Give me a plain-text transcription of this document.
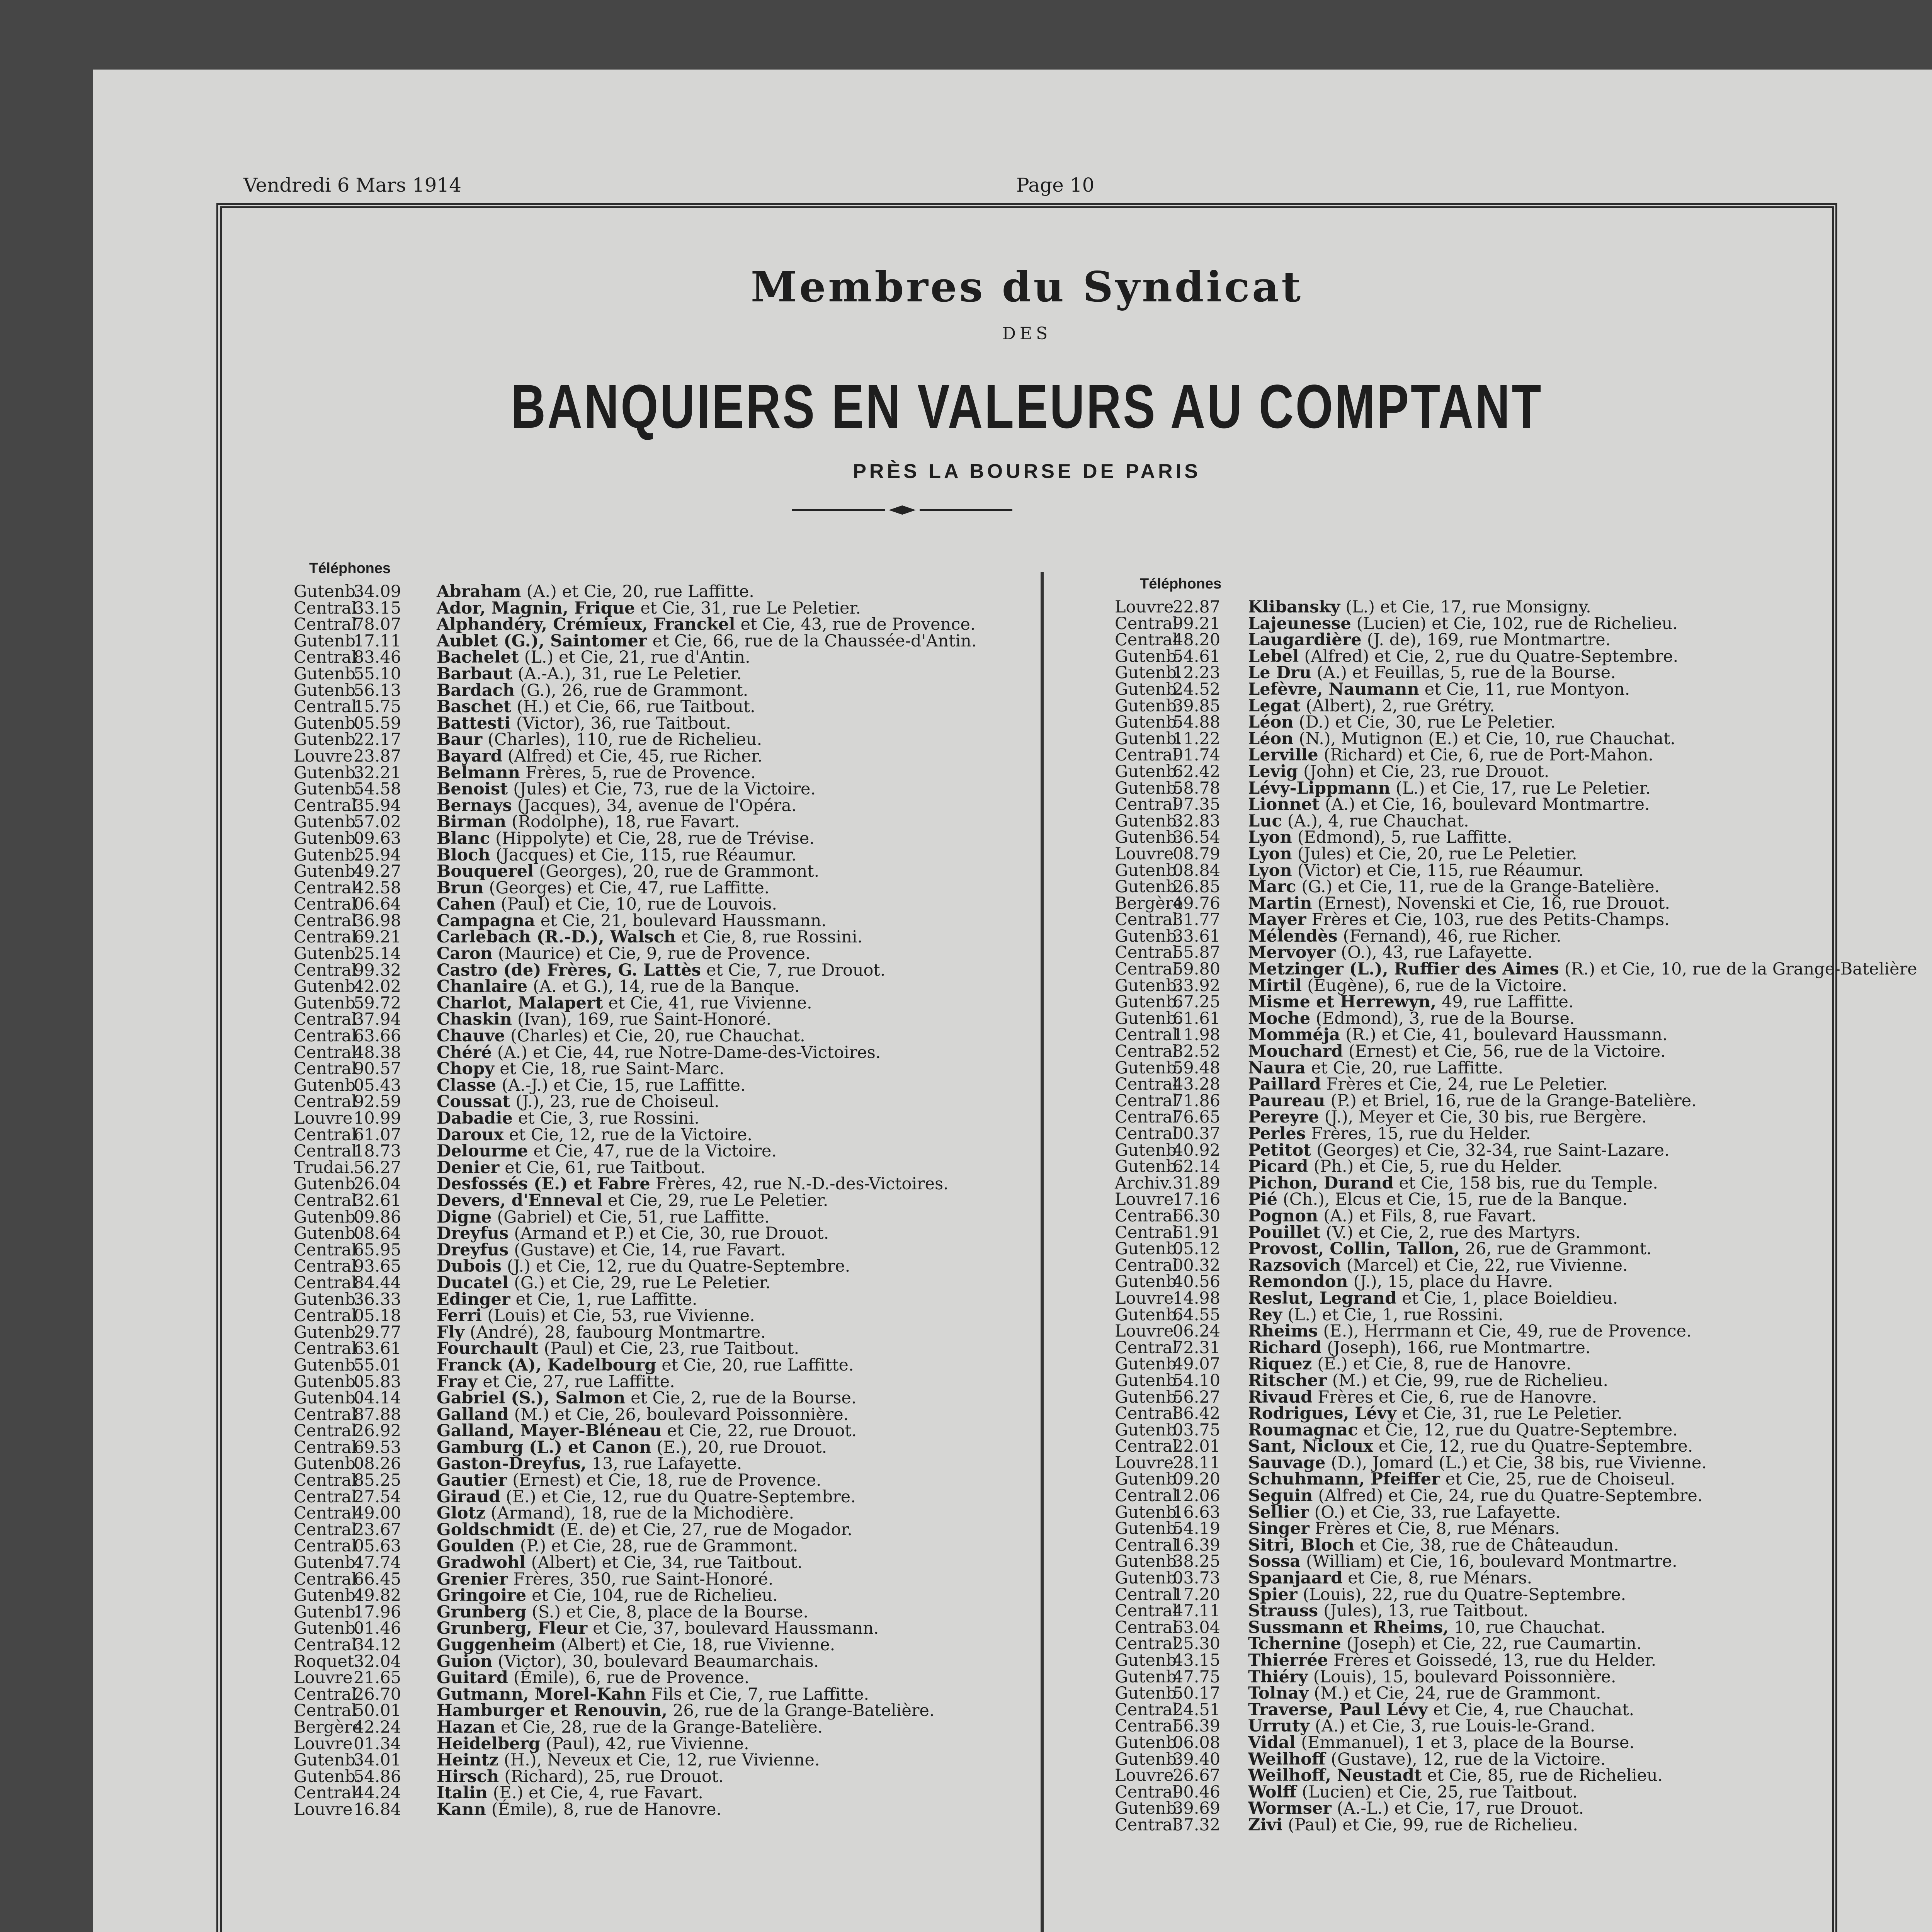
Vendredi 6 Mars 1914	Page 10
Membres du Syndicat
DES
BANQUIERS EN VALEURS AU COMPTANT
PRÈS LA BOURSE DE PARIS
Téléphones
Téléphones
Gutenb.
34.09 Abraham (A.) et Cie, 20, rue Laffitte.
Central
33.15 Ador, Magnin, Frique et Cie, 31, rue Le Peletier.
Central
78.07 Alphandéry, Crémieux, Franckel et Cie, 43, rue de Provence.
Gutenb.
17.11 Aublet (G.), Saintomer et Cie, 66, rue de la Chaussée-d'Antin.
Central
83.46 Bachelet (L.) et Cie, 21, rue d'Antin.
Gutenb.
55.10 Barbaut (A.-A.), 31, rue Le Peletier.
Gutenb.
56.13 Bardach (G.), 26, rue de Grammont.
Central
15.75 Baschet (H.) et Cie, 66, rue Taitbout.
Gutenb.
05.59 Battesti (Victor), 36, rue Taitbout.
Gutenb.
22.17 Baur (Charles), 110, rue de Richelieu.
Louvre 23.87 Bayard (Alfred) et Cie, 45, rue Richer.
Gutenb.
32.21 Belmann Frères, 5, rue de Provence.
Gutenb.
54.58 Benoist (Jules) et Cie, 73, rue de la Victoire.
Central
35.94 Bernays (Jacques), 34, avenue de l'Opéra.
Gutenb.
57.02 Birman (Rodolphe), 18, rue Favart.
Gutenb.
09.63 Blanc (Hippolyte) et Cie, 28, rue de Trévise.
Gutenb.
25.94 Bloch (Jacques) et Cie, 115, rue Réaumur.
Gutenb.
49.27 Bouquerel (Georges), 20, rue de Grammont.
Central
42.58 Brun (Georges) et Cie, 47, rue Laffitte.
Central
06.64 Cahen (Paul) et Cie, 10, rue de Louvois.
Central
36.98 Campagna et Cie, 21, boulevard Haussmann.
Central
69.21 Carlebach (R.-D.), Walsch et Cie, 8, rue Rossini.
Gutenb.
25.14 Caron (Maurice) et Cie, 9, rue de Provence.
Central
99.32 Castro (de) Frères, G. Lattès et Cie, 7, rue Drouot.
Gutenb.
42.02 Chanlaire (A. et G.), 14, rue de la Banque.
Gutenb.
59.72 Charlot, Malapert et Cie, 41, rue Vivienne.
Central
37.94 Chaskin (Ivan), 169, rue Saint-Honoré.
Central
63.66 Chauve (Charles) et Cie, 20, rue Chauchat.
Central
48.38 Chéré (A.) et Cie, 44, rue Notre-Dame-des-Victoires.
Central
90.57 Chopy et Cie, 18, rue Saint-Marc.
Gutenb.
05.43 Classe (A.-J.) et Cie, 15, rue Laffitte.
Central
92.59 Coussat (J.), 23, rue de Choiseul.
Louvre 10.99 Dabadie et Cie, 3, rue Rossini.
Central
61.07 Daroux et Cie, 12, rue de la Victoire.
Central
18.73 Delourme et Cie, 47, rue de la Victoire.
Trudai.
56.27 Denier et Cie, 61, rue Taitbout.
Gutenb.
26.04 Desfossés (E.) et Fabre Frères, 42, rue N.-D.-des-Victoires.
Central
32.61 Devers, d'Enneval et Cie, 29, rue Le Peletier.
Gutenb.
09.86 Digne (Gabriel) et Cie, 51, rue Laffitte.
Gutenb.
08.64 Dreyfus (Armand et P.) et Cie, 30, rue Drouot.
Central
65.95 Dreyfus (Gustave) et Cie, 14, rue Favart.
Central
93.65 Dubois (J.) et Cie, 12, rue du Quatre-Septembre.
Central
84.44 Ducatel (G.) et Cie, 29, rue Le Peletier.
Gutenb.
36.33 Edinger et Cie, 1, rue Laffitte.
Central
05.18 Ferri (Louis) et Cie, 53, rue Vivienne.
Gutenb.
29.77 Fly (André), 28, faubourg Montmartre.
Central
63.61 Fourchault (Paul) et Cie, 23, rue Taitbout.
Gutenb.
55.01 Franck (A), Kadelbourg et Cie, 20, rue Laffitte.
Gutenb.
05.83 Fray et Cie, 27, rue Laffitte.
Gutenb.
04.14 Gabriel (S.), Salmon et Cie, 2, rue de la Bourse.
Central
87.88 Galland (M.) et Cie, 26, boulevard Poissonnière.
Central
26.92 Galland, Mayer-Bléneau et Cie, 22, rue Drouot.
Central
69.53 Gamburg (L.) et Canon (E.), 20, rue Drouot.
Gutenb.
08.26 Gaston-Dreyfus, 13, rue Lafayette.
Central
85.25 Gautier (Ernest) et Cie, 18, rue de Provence.
Central
27.54 Giraud (E.) et Cie, 12, rue du Quatre-Septembre.
Central
49.00 Glotz (Armand), 18, rue de la Michodière.
Central
23.67 Goldschmidt (E. de) et Cie, 27, rue de Mogador.
Central
05.63 Goulden (P.) et Cie, 28, rue de Grammont.
Gutenb.
47.74 Gradwohl (Albert) et Cie, 34, rue Taitbout.
Central
66.45 Grenier Frères, 350, rue Saint-Honoré.
Gutenb.
49.82 Gringoire et Cie, 104, rue de Richelieu.
Gutenb.
17.96 Grunberg (S.) et Cie, 8, place de la Bourse.
Gutenb.
01.46 Grunberg, Fleur et Cie, 37, boulevard Haussmann.
Central
34.12 Guggenheim (Albert) et Cie, 18, rue Vivienne.
Roquet.
32.04 Guion (Victor), 30, boulevard Beaumarchais.
Louvre 21.65 Guitard (Émile), 6, rue de Provence.
Central
26.70 Gutmann, Morel-Kahn Fils et Cie, 7, rue Laffitte.
Central
50.01 Hamburger et Renouvin, 26, rue de la Grange-Batelière.
Bergère
42.24 Hazan et Cie, 28, rue de la Grange-Batelière.
Louvre 01.34 Heidelberg (Paul), 42, rue Vivienne.
Gutenb.
34.01 Heintz (H.), Neveux et Cie, 12, rue Vivienne.
Gutenb.
54.86 Hirsch (Richard), 25, rue Drouot.
Central
44.24 Italin (E.) et Cie, 4, rue Favart.
Louvre 16.84 Kann (Émile), 8, rue de Hanovre.
Louvre
22.87 Klibansky (L.) et Cie, 17, rue Monsigny.
Central
99.21 Lajeunesse (Lucien) et Cie, 102, rue de Richelieu.
Central
48.20 Laugardière (J. de), 169, rue Montmartre.
Gutenb.
54.61 Lebel (Alfred) et Cie, 2, rue du Quatre-Septembre.
Gutenb.
12.23 Le Dru (A.) et Feuillas, 5, rue de la Bourse.
Gutenb.
24.52 Lefèvre, Naumann et Cie, 11, rue Montyon.
Gutenb.
39.85 Legat (Albert), 2, rue Grétry.
Gutenb.
54.88 Léon (D.) et Cie, 30, rue Le Peletier.
Gutenb.
11.22 Léon (N.), Mutignon (E.) et Cie, 10, rue Chauchat.
Central
91.74 Lerville (Richard) et Cie, 6, rue de Port-Mahon.
Gutenb.
62.42 Levig (John) et Cie, 23, rue Drouot.
Gutenb.
58.78 Lévy-Lippmann (L.) et Cie, 17, rue Le Peletier.
Central
97.35 Lionnet (A.) et Cie, 16, boulevard Montmartre.
Gutenb.
32.83 Luc (A.), 4, rue Chauchat.
Gutenb.
36.54 Lyon (Edmond), 5, rue Laffitte.
Louvre
08.79 Lyon (Jules) et Cie, 20, rue Le Peletier.
Gutenb.
08.84 Lyon (Victor) et Cie, 115, rue Réaumur.
Gutenb.
26.85 Marc (G.) et Cie, 11, rue de la Grange-Batelière.
Bergère
49.76 Martin (Ernest), Novenski et Cie, 16, rue Drouot.
Central
31.77 Mayer Frères et Cie, 103, rue des Petits-Champs.
Gutenb.
33.61 Mélendès (Fernand), 46, rue Richer.
Central
55.87 Mervoyer (O.), 43, rue Lafayette.
Central
59.80 Metzinger (L.), Ruffier des Aimes (R.) et Cie, 10, rue de la Grange-Batelière
Gutenb.
33.92 Mirtil (Eugène), 6, rue de la Victoire.
Gutenb.
67.25 Misme et Herrewyn, 49, rue Laffitte.
Gutenb.
61.61 Moche (Edmond), 3, rue de la Bourse.
Central
11.98 Momméja (R.) et Cie, 41, boulevard Haussmann.
Central
82.52 Mouchard (Ernest) et Cie, 56, rue de la Victoire.
Gutenb.
59.48 Naura et Cie, 20, rue Laffitte.
Central
43.28 Paillard Frères et Cie, 24, rue Le Peletier.
Central
71.86 Paureau (P.) et Briel, 16, rue de la Grange-Batelière.
Central
76.65 Pereyre (J.), Meyer et Cie, 30 bis, rue Bergère.
Central
00.37 Perles Frères, 15, rue du Helder.
Gutenb.
40.92 Petitot (Georges) et Cie, 32-34, rue Saint-Lazare.
Gutenb.
62.14 Picard (Ph.) et Cie, 5, rue du Helder.
Archiv. 31.89 Pichon, Durand et Cie, 158 bis, rue du Temple.
Louvre
17.16 Pié (Ch.), Elcus et Cie, 15, rue de la Banque.
Central
66.30 Pognon (A.) et Fils, 8, rue Favart.
Central
61.91 Pouillet (V.) et Cie, 2, rue des Martyrs.
Gutenb.
05.12 Provost, Collin, Tallon, 26, rue de Grammont.
Central
00.32 Razsovich (Marcel) et Cie, 22, rue Vivienne.
Gutenb.
40.56 Remondon (J.), 15, place du Havre.
Louvre
14.98 Reslut, Legrand et Cie, 1, place Boieldieu.
Gutenb.
64.55 Rey (L.) et Cie, 1, rue Rossini.
Louvre
06.24 Rheims (E.), Herrmann et Cie, 49, rue de Provence.
Central
72.31 Richard (Joseph), 166, rue Montmartre.
Gutenb.
49.07 Riquez (E.) et Cie, 8, rue de Hanovre.
Gutenb.
54.10 Ritscher (M.) et Cie, 99, rue de Richelieu.
Gutenb.
56.27 Rivaud Frères et Cie, 6, rue de Hanovre.
Central
86.42 Rodrigues, Lévy et Cie, 31, rue Le Peletier.
Gutenb.
03.75 Roumagnac et Cie, 12, rue du Quatre-Septembre.
Central
22.01 Sant, Nicloux et Cie, 12, rue du Quatre-Septembre.
Louvre
28.11 Sauvage (D.), Jomard (L.) et Cie, 38 bis, rue Vivienne.
Gutenb.
09.20 Schuhmann, Pfeiffer et Cie, 25, rue de Choiseul.
Central
12.06 Seguin (Alfred) et Cie, 24, rue du Quatre-Septembre.
Gutenb.
16.63 Sellier (O.) et Cie, 33, rue Lafayette.
Gutenb.
54.19 Singer Frères et Cie, 8, rue Ménars.
Central
16.39 Sitri, Bloch et Cie, 38, rue de Châteaudun.
Gutenb.
38.25 Sossa (William) et Cie, 16, boulevard Montmartre.
Gutenb.
03.73 Spanjaard et Cie, 8, rue Ménars.
Central
17.20 Spier (Louis), 22, rue du Quatre-Septembre.
Central
47.11 Strauss (Jules), 13, rue Taitbout.
Central
63.04 Sussmann et Rheims, 10, rue Chauchat.
Central
25.30 Tchernine (Joseph) et Cie, 22, rue Caumartin.
Gutenb.
43.15 Thierrée Frères et Goissedé, 13, rue du Helder.
Gutenb.
47.75 Thiéry (Louis), 15, boulevard Poissonnière.
Gutenb.
50.17 Tolnay (M.) et Cie, 24, rue de Grammont.
Central
24.51 Traverse, Paul Lévy et Cie, 4, rue Chauchat.
Central
56.39 Urruty (A.) et Cie, 3, rue Louis-le-Grand.
Gutenb.
06.08 Vidal (Emmanuel), 1 et 3, place de la Bourse.
Gutenb.
39.40 Weilhoff (Gustave), 12, rue de la Victoire.
Louvre
26.67 Weilhoff, Neustadt et Cie, 85, rue de Richelieu.
Central
90.46 Wolff (Lucien) et Cie, 25, rue Taitbout.
Gutenb.
39.69 Wormser (A.-L.) et Cie, 17, rue Drouot.
Central
37.32 Zivi (Paul) et Cie, 99, rue de Richelieu.
